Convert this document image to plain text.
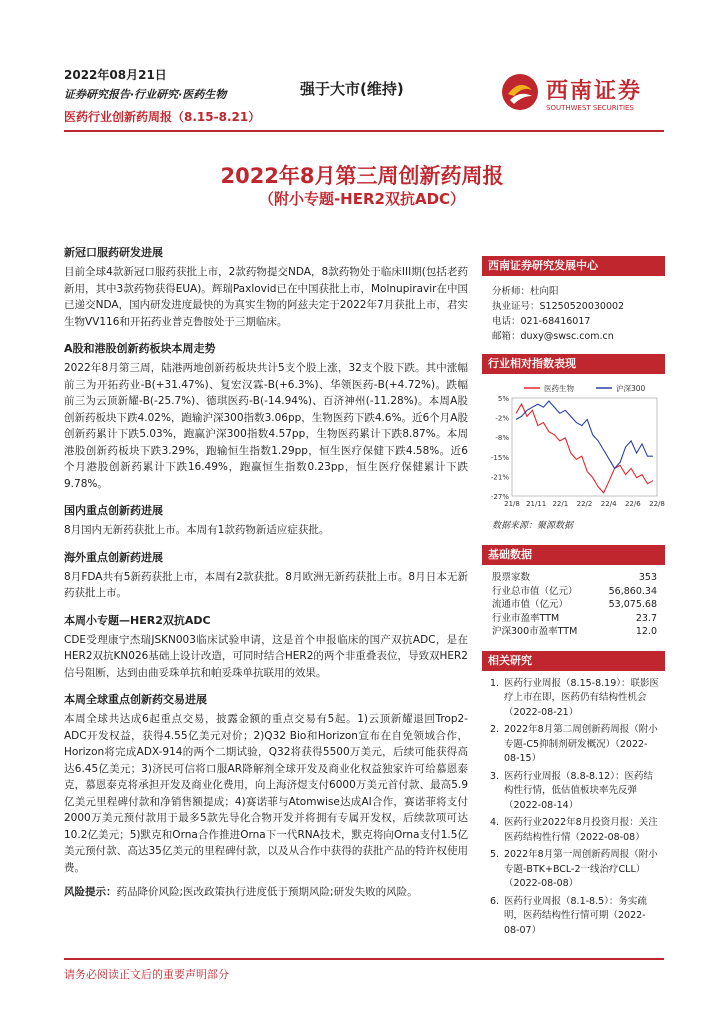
2022年08月21日
证券研究报告·行业研究·医药生物
医药行业创新药周报（8.15-8.21）
强于大市(维持)	西南证券
SOUTHWEST SECURITIES
2022年8月第三周创新药周报
（附小专题-HER2双抗ADC）

新冠口服药研发进展

目前全球4款新冠口服药获批上市，2款药物提交NDA，8款药物处于临床III期(包括老药新用，其中3款药物获得EUA)。辉瑞Paxlovid已在中国获批上市，Molnupiravir在中国已递交NDA，国内研发进度最快的为真实生物的阿兹夫定于2022年7月获批上市，君实生物VV116和开拓药业普克鲁胺处于三期临床。

A股和港股创新药板块本周走势

2022年8月第三周，陆港两地创新药板块共计5支个股上涨，32支个股下跌。其中涨幅前三为开拓药业-B(+31.47%)、复宏汉霖-B(+6.3%)、华领医药-B(+4.72%)。跌幅前三为云顶新耀-B(-25.7%)、德琪医药-B(-14.94%)、百济神州(-11.28%)。本周A股创新药板块下跌4.02%，跑输沪深300指数3.06pp，生物医药下跌4.6%。近6个月A股创新药累计下跌5.03%，跑赢沪深300指数4.57pp，生物医药累计下跌8.87%。本周港股创新药板块下跌3.29%，跑输恒生指数1.29pp，恒生医疗保健下跌4.58%。近6个月港股创新药累计下跌16.49%，跑赢恒生指数0.23pp，恒生医疗保健累计下跌9.78%。

国内重点创新药进展

8月国内无新药获批上市。本周有1款药物新适应症获批。

海外重点创新药进展

8月FDA共有5新药获批上市，本周有2款获批。8月欧洲无新药获批上市。8月日本无新药获批上市。

本周小专题—HER2双抗ADC

CDE受理康宁杰瑞JSKN003临床试验申请，这是首个申报临床的国产双抗ADC，是在HER2双抗KN026基础上设计改造，可同时结合HER2的两个非重叠表位，导致双HER2信号阻断，达到由曲妥珠单抗和帕妥珠单抗联用的效果。

本周全球重点创新药交易进展

本周全球共达成6起重点交易，披露金额的重点交易有5起。1)云顶新耀退回Trop2-ADC开发权益，获得4.55亿美元对价；2)Q32 Bio和Horizon宣布在自免领域合作，Horizon将完成ADX-914的两个二期试验，Q32将获得5500万美元，后续可能获得高达6.45亿美元；3)济民可信将口服AR降解剂全球开发及商业化权益独家许可给慕恩泰克，慕恩泰克将承担开发及商业化费用，向上海济煜支付6000万美元首付款、最高5.9亿美元里程碑付款和净销售额提成；4)赛诺菲与Atomwise达成AI合作，赛诺菲将支付2000万美元预付款用于最多5款先导化合物开发并将拥有专属开发权，后续款项可达10.2亿美元；5)默克和Orna合作推进Orna下一代RNA技术，默克将向Orna支付1.5亿美元预付款、高达35亿美元的里程碑付款，以及从合作中获得的获批产品的特许权使用费。

风险提示：药品降价风险;医改政策执行进度低于预期风险;研发失败的风险。

西南证券研究发展中心
分析师：杜向阳
执业证号：S1250520030002
电话：021-68416017
邮箱：duxy@swsc.com.cn
行业相对指数表现
5%
-2%
-8%
-15%
-21%
-27%
21/8 21/11 22/1 22/2 22/4 22/6 22/8
医药生物	沪深300
数据来源：聚源数据
基础数据
股票家数	353
行业总市值（亿元）	56,860.34
流通市值（亿元）	53,075.68
行业市盈率TTM	23.7
沪深300市盈率TTM	12.0
相关研究
1. 医药行业周报（8.15-8.19）：联影医疗上市在即，医药仍有结构性机会（2022-08-21）
2. 2022年8月第二周创新药周报（附小专题-C5抑制剂研发概况）（2022-08-15）
3. 医药行业周报（8.8-8.12）：医药结构性行情，低估值板块率先反弹（2022-08-14）
4. 医药行业2022年8月投资月报：关注医药结构性行情（2022-08-08）
5. 2022年8月第一周创新药周报（附小专题-BTK+BCL-2一线治疗CLL）（2022-08-08）
6. 医药行业周报（8.1-8.5）：务实疏明，医药结构性行情可期（2022-08-07）
请务必阅读正文后的重要声明部分
